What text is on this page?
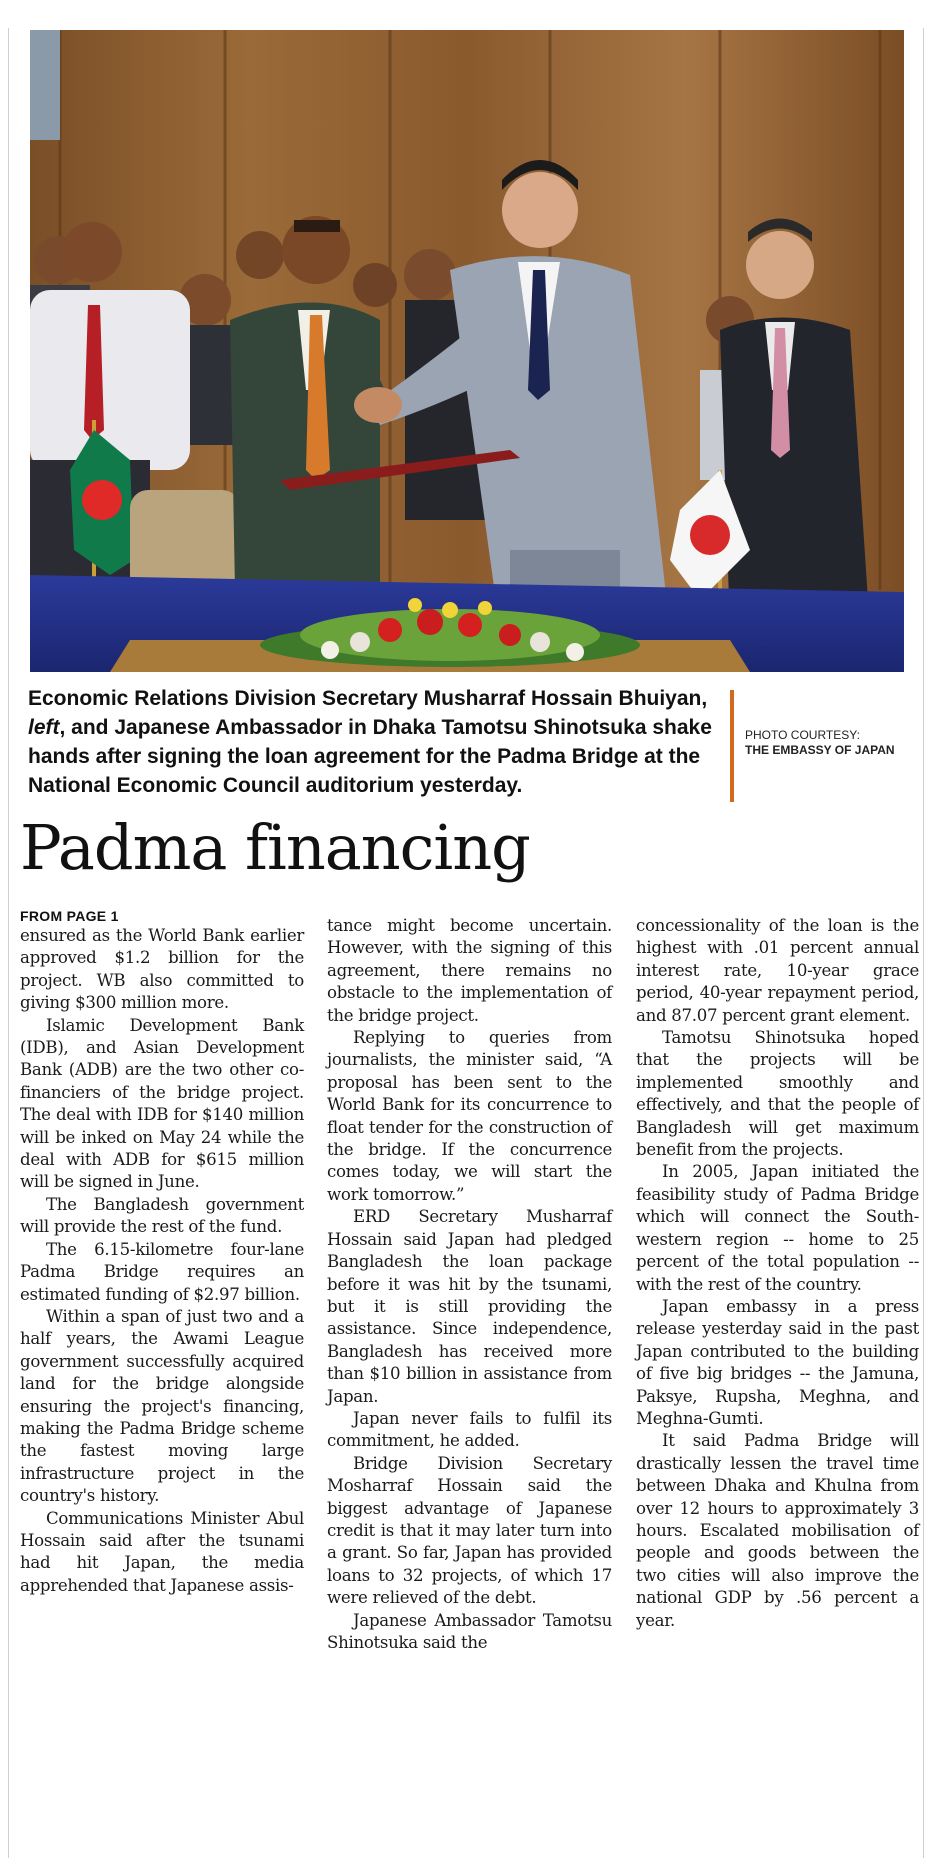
Economic Relations Division Secretary Musharraf Hossain Bhuiyan, left, and Japanese Ambassador in Dhaka Tamotsu Shinotsuka shake hands after signing the loan agreement for the Padma Bridge at the National Economic Council auditorium yesterday.
PHOTO COURTESY:
THE EMBASSY OF JAPAN
Padma financing
FROM PAGE 1

ensured as the World Bank earlier approved $1.2 billion for the project. WB also committed to giving $300 million more.

Islamic Development Bank (IDB), and Asian Development Bank (ADB) are the two other co-financiers of the bridge project. The deal with IDB for $140 million will be inked on May 24 while the deal with ADB for $615 million will be signed in June.

The Bangladesh government will provide the rest of the fund.

The 6.15-kilometre four-lane Padma Bridge requires an estimated funding of $2.97 billion.

Within a span of just two and a half years, the Awami League government successfully acquired land for the bridge alongside ensuring the project's financing, making the Padma Bridge scheme the fastest moving large infrastructure project in the country's history.

Communications Minister Abul Hossain said after the tsunami had hit Japan, the media apprehended that Japanese assis-

tance might become uncertain. However, with the signing of this agreement, there remains no obstacle to the implementation of the bridge project.

Replying to queries from journalists, the minister said, “A proposal has been sent to the World Bank for its concurrence to float tender for the construction of the bridge. If the concurrence comes today, we will start the work tomorrow.”

ERD Secretary Musharraf Hossain said Japan had pledged Bangladesh the loan package before it was hit by the tsunami, but it is still providing the assistance. Since independence, Bangladesh has received more than $10 billion in assistance from Japan.

Japan never fails to fulfil its commitment, he added.

Bridge Division Secretary Mosharraf Hossain said the biggest advantage of Japanese credit is that it may later turn into a grant. So far, Japan has provided loans to 32 projects, of which 17 were relieved of the debt.

Japanese Ambassador Tamotsu Shinotsuka said the

concessionality of the loan is the highest with .01 percent annual interest rate, 10-year grace period, 40-year repayment period, and 87.07 percent grant element.

Tamotsu Shinotsuka hoped that the projects will be implemented smoothly and effectively, and that the people of Bangladesh will get maximum benefit from the projects.

In 2005, Japan initiated the feasibility study of Padma Bridge which will connect the South-western region -- home to 25 percent of the total population -- with the rest of the country.

Japan embassy in a press release yesterday said in the past Japan contributed to the building of five big bridges -- the Jamuna, Paksye, Rupsha, Meghna, and Meghna-Gumti.

It said Padma Bridge will drastically lessen the travel time between Dhaka and Khulna from over 12 hours to approximately 3 hours. Escalated mobilisation of people and goods between the two cities will also improve the national GDP by .56 percent a year.
